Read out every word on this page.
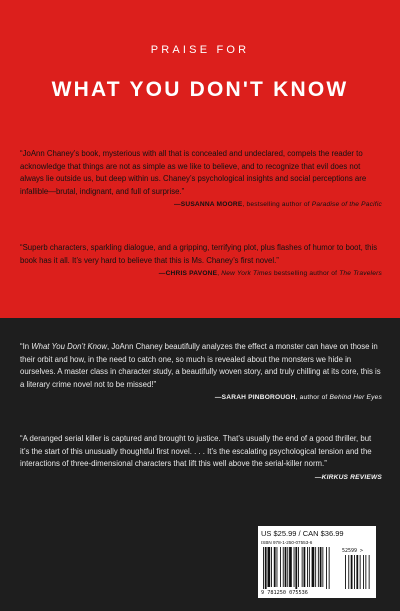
PRAISE FOR
WHAT YOU DON'T KNOW
“JoAnn Chaney’s book, mysterious with all that is concealed and undeclared, compels the reader to acknowledge that things are not as simple as we like to believe, and to recognize that evil does not always lie outside us, but deep within us. Chaney’s psychological insights and social perceptions are infallible—brutal, indignant, and full of surprise.”
—SUSANNA MOORE, bestselling author of Paradise of the Pacific
“Superb characters, sparkling dialogue, and a gripping, terrifying plot, plus flashes of humor to boot, this book has it all. It’s very hard to believe that this is Ms. Chaney’s first novel.”
—CHRIS PAVONE, New York Times bestselling author of The Travelers
“In What You Don’t Know, JoAnn Chaney beautifully analyzes the effect a monster can have on those in their orbit and how, in the need to catch one, so much is revealed about the monsters we hide in ourselves. A master class in character study, a beautifully woven story, and truly chilling at its core, this is a literary crime novel not to be missed!”
—SARAH PINBOROUGH, author of Behind Her Eyes
“A deranged serial killer is captured and brought to justice. That’s usually the end of a good thriller, but it’s the start of this unusually thoughtful first novel. . . . It’s the escalating psychological tension and the interactions of three-dimensional characters that lift this well above the serial-killer norm.”
—KIRKUS REVIEWS
US $25.99 / CAN $36.99
ISBN 978-1-250-07553-6
9 781250 075536
52599 >
